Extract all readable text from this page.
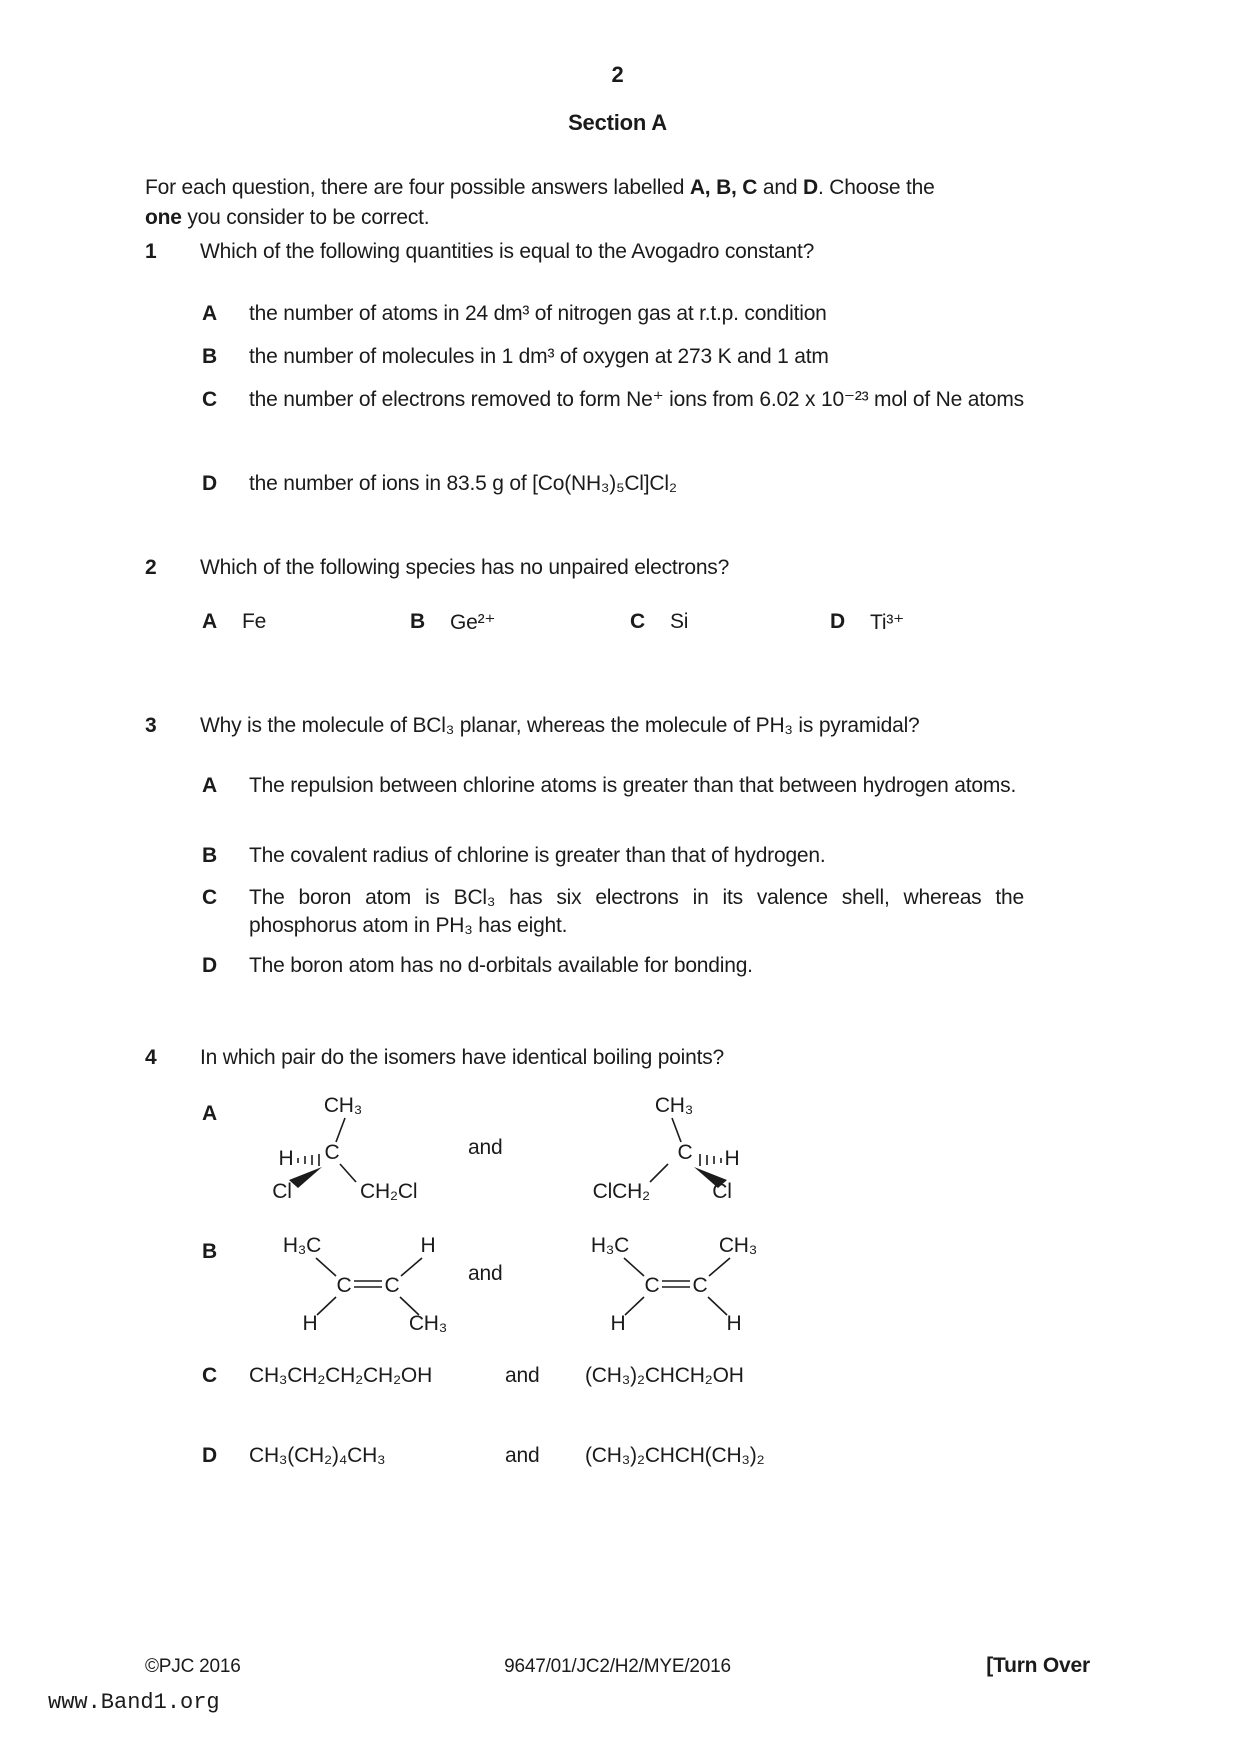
2
Section A

For each question, there are four possible answers labelled A, B, C and D. Choose the
one you consider to be correct.

1	Which of the following quantities is equal to the Avogadro constant?
A	the number of atoms in 24 dm³ of nitrogen gas at r.t.p. condition
B	the number of molecules in 1 dm³ of oxygen at 273 K and 1 atm
C	the number of electrons removed to form Ne⁺ ions from 6.02 x 10⁻²³ mol of Ne atoms
D	the number of ions in 83.5 g of [Co(NH₃)₅Cl]Cl₂
2	Which of the following species has no unpaired electrons?
A	Fe	B	Ge²⁺	C	Si	D	Ti³⁺
3	Why is the molecule of BCl₃ planar, whereas the molecule of PH₃ is pyramidal?
A	The repulsion between chlorine atoms is greater than that between hydrogen atoms.
B	The covalent radius of chlorine is greater than that of hydrogen.
C	The boron atom is BCl₃ has six electrons in its valence shell, whereas the phosphorus atom in PH₃ has eight.
D	The boron atom has no d-orbitals available for bonding.
4	In which pair do the isomers have identical boiling points?
A	CH₃
C
H
Cl	CH₂Cl
and
CH₃
C H
ClCH₂	Cl
B	H₃C
C C
H
H	CH₃
and
H₃C
C C
CH₃
H	H
C CH₃CH₂CH₂CH₂OH	and (CH₃)₂CHCH₂OH
D CH₃(CH₂)₄CH₃	and (CH₃)₂CHCH(CH₃)₂
©PJC 2016	9647/01/JC2/H2/MYE/2016	[Turn Over
www.Band1.org
